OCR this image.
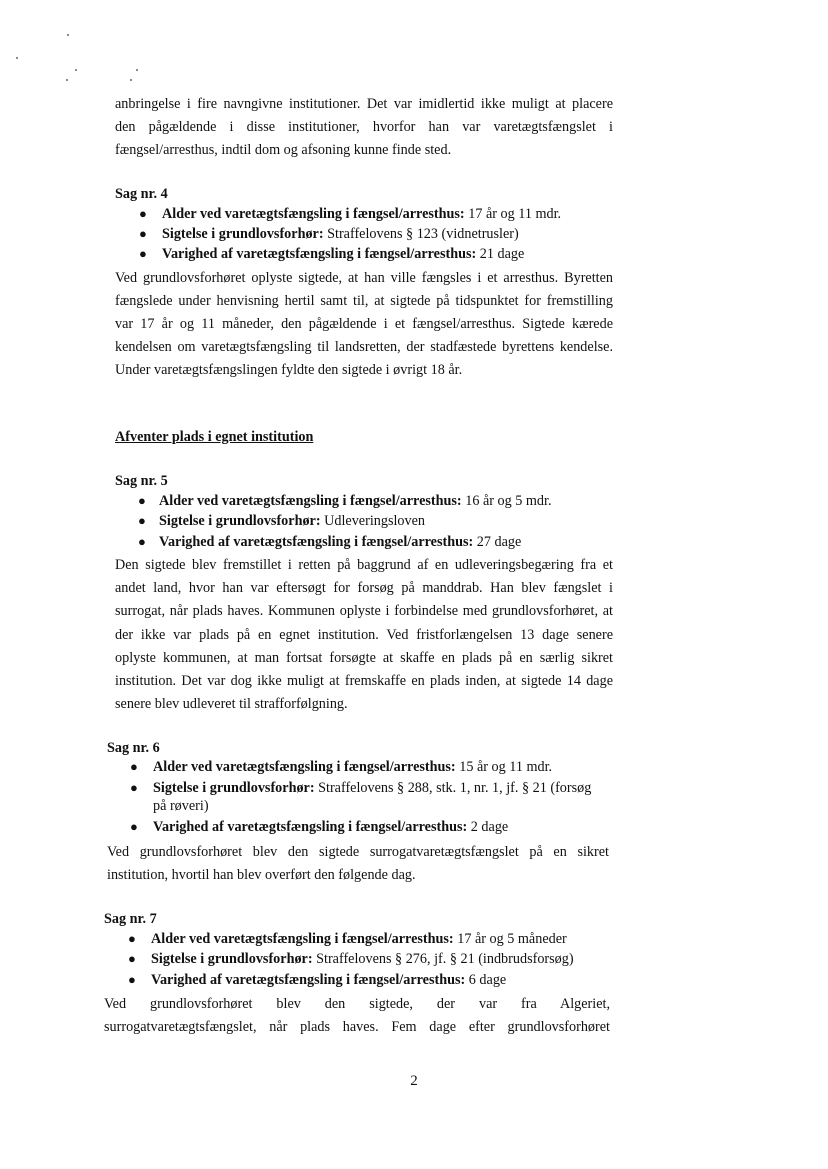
anbringelse i fire navngivne institutioner. Det var imidlertid ikke muligt at placere
den pågældende i disse institutioner, hvorfor han var varetægtsfængslet i
fængsel/arresthus, indtil dom og afsoning kunne finde sted.
Sag nr. 4
● Alder ved varetægtsfængsling i fængsel/arresthus: 17 år og 11 mdr.
● Sigtelse i grundlovsforhør: Straffelovens § 123 (vidnetrusler)
● Varighed af varetægtsfængsling i fængsel/arresthus: 21 dage
Ved grundlovsforhøret oplyste sigtede, at han ville fængsles i et arresthus. Byretten
fængslede under henvisning hertil samt til, at sigtede på tidspunktet for fremstilling
var 17 år og 11 måneder, den pågældende i et fængsel/arresthus. Sigtede kærede
kendelsen om varetægtsfængsling til landsretten, der stadfæstede byrettens kendelse.
Under varetægtsfængslingen fyldte den sigtede i øvrigt 18 år.
Afventer plads i egnet institution
Sag nr. 5
● Alder ved varetægtsfængsling i fængsel/arresthus: 16 år og 5 mdr.
● Sigtelse i grundlovsforhør: Udleveringsloven
● Varighed af varetægtsfængsling i fængsel/arresthus: 27 dage
Den sigtede blev fremstillet i retten på baggrund af en udleveringsbegæring fra et
andet land, hvor han var eftersøgt for forsøg på manddrab. Han blev fængslet i
surrogat, når plads haves. Kommunen oplyste i forbindelse med grundlovsforhøret, at
der ikke var plads på en egnet institution. Ved fristforlængelsen 13 dage senere
oplyste kommunen, at man fortsat forsøgte at skaffe en plads på en særlig sikret
institution. Det var dog ikke muligt at fremskaffe en plads inden, at sigtede 14 dage
senere blev udleveret til strafforfølgning.
Sag nr. 6
● Alder ved varetægtsfængsling i fængsel/arresthus: 15 år og 11 mdr.
● Sigtelse i grundlovsforhør: Straffelovens § 288, stk. 1, nr. 1, jf. § 21 (forsøg
på røveri)
● Varighed af varetægtsfængsling i fængsel/arresthus: 2 dage
Ved grundlovsforhøret blev den sigtede surrogatvaretægtsfængslet på en sikret
institution, hvortil han blev overført den følgende dag.
Sag nr. 7
● Alder ved varetægtsfængsling i fængsel/arresthus: 17 år og 5 måneder
● Sigtelse i grundlovsforhør: Straffelovens § 276, jf. § 21 (indbrudsforsøg)
● Varighed af varetægtsfængsling i fængsel/arresthus: 6 dage
Ved grundlovsforhøret blev den sigtede, der var fra Algeriet,
surrogatvaretægtsfængslet, når plads haves. Fem dage efter grundlovsforhøret
2
